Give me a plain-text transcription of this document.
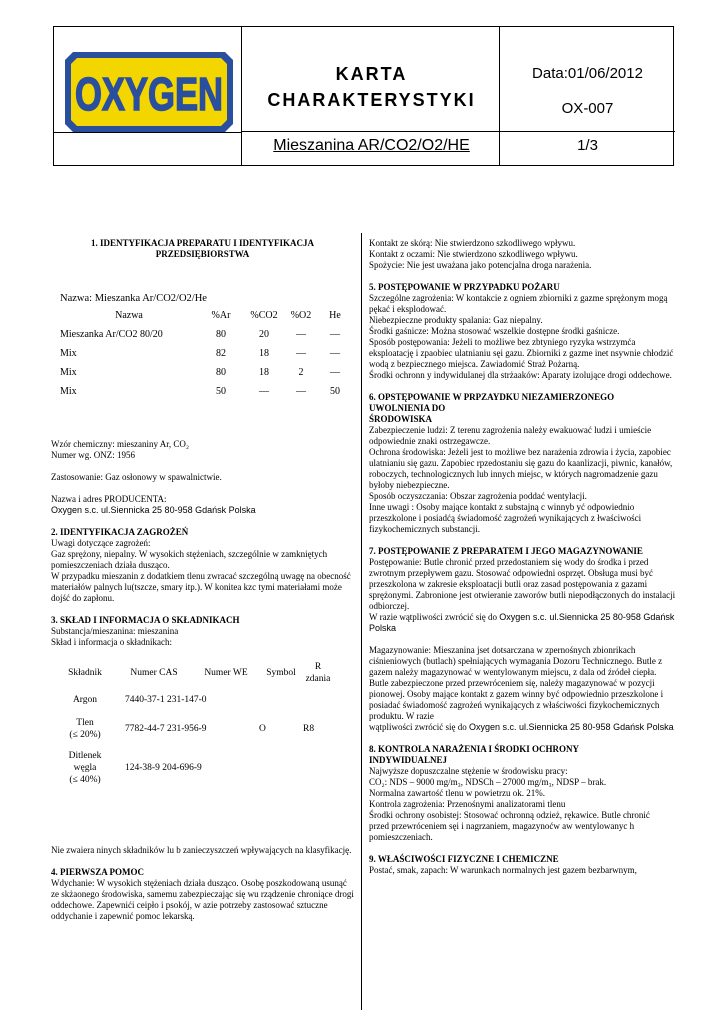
OXYGEN	KARTA
CHARAKTERYSTYKI
Data:01/06/2012
OX-007
Mieszanina AR/CO2/O2/HE	1/3

1. IDENTYFIKACJA PREPARATU I IDENTYFIKACJA PRZEDSIĘBIORSTWA

Nazwa: Mieszanka Ar/CO2/O2/He
Nazwa	%Ar	%CO2	%O2	He
Mieszanka Ar/CO2 80/20	80	20	—	—
Mix	82	18	—	—
Mix	80	18	2	—
Mix	50	—	—	50

Wzór chemiczny: mieszaniny Ar, CO₂

Numer wg. ONZ: 1956

Zastosowanie: Gaz osłonowy w spawalnictwie.

Nazwa i adres PRODUCENTA:

Oxygen s.c. ul.Siennicka 25 80-958 Gdańsk Polska

2. IDENTYFIKACJA ZAGROŻEŃ

Uwagi dotyczące zagrożeń:

Gaz sprężony, niepalny. W wysokich stężeniach, szczególnie w zamkniętych pomieszczeniach działa dusząco.

W przypadku mieszanin z dodatkiem tlenu zwracać szczególną uwagę na obecność materiałów palnych lu(tszcze, smary itp.). W konitea kzc tymi materiałami może dojść do zapłonu.

3. SKŁAD I INFORMACJA O SKŁADNIKACH

Substancja/mieszanina: mieszanina

Skład i informacja o składnikach:

Składnik	Numer CAS	Numer WE	Symbol	R
zdania

Argon	7440-37-1 231-147-0			

Tlen
(≤ 20%)	7782-44-7 231-956-9		O	R8

Ditlenek
węgla
(≤ 40%)	124-38-9 204-696-9			

Nie zwaiera ninych składników lu b zanieczyszczeń wpływających na klasyfikację.

4. PIERWSZA POMOC

Wdychanie: W wysokich stężeniach działa dusząco. Osobę poszkodowaną usunąć ze skżaonego środowiska, samemu zabezpieczając się wu rządzenie chroniące drogi oddechowe. Zapewnići ceipło i psokój, w azie potrzeby zastosować sztuczne oddychanie i zapewnić pomoc lekarską.

Kontakt ze skórą: Nie stwierdzono szkodliwego wpływu.

Kontakt z oczami: Nie stwierdzono szkodliwego wpływu.

Spożycie: Nie jest uważana jako potencjalna droga narażenia.

5. POSTĘPOWANIE W PRZYPADKU POŻARU

Szczególne zagrożenia: W kontakcie z ogniem zbiorniki z gazme sprężonym mogą pękać i eksplodować.

Niebezpieczne produkty spalania: Gaz niepalny.

Środki gaśnicze: Można stosować wszelkie dostępne środki gaśnicze.

Sposób postępowania: Jeżeli to możliwe bez zbtyniego ryzyka wstrzymća eksploatację i zpaobiec ulatnianiu sęi gazu. Zbiorniki z gazme inet nsywnie chłodzić wodą z bezpiecznego miejsca. Zawiadomić Straż Pożarną.

Środki ochronn y indywidulanej dla strżaaków: Aparaty izolujące drogi oddechowe.

6. OPSTĘPOWANIE W PRPZAYDKU NIEZAMIERZONEGO

UWOLNIENIA DO

ŚRODOWISKA

Zabezpieczenie ludzi: Z terenu zagrożenia należy ewakuować ludzi i umieście

odpowiednie znaki ostrzegawcze.

Ochrona środowiska: Jeżeli jest to możliwe bez narażenia zdrowia i życia, zapobiec ulatnianiu się gazu. Zapobiec rpzedostaniu się gazu do kaanlizacji, piwnic, kanałów, roboczych, technologicznych lub innych miejsc, w których nagromadzenie gazu byłoby niebezpieczne.

Sposób oczyszczania: Obszar zagrożenia poddać wentylacji.

Inne uwagi : Osoby mające kontakt z substajną c winnyb yć odpowiednio przeszkolone i posiadćą świadomość zagrożeń wynikających z łwaściwości fizykochemicznych substancji.

7. POSTĘPOWANIE Z PREPARATEM I JEGO MAGAZYNOWANIE

Postępowanie: Butle chronić przed przedostaniem się wody do środka i przed zwrotnym przepływem gazu. Stosować odpowiedni osprzęt. Obsługa musi być

przeszkolona w zakresie eksploatacji butli oraz zasad postępowania z gazami sprężonymi. Zabronione jest otwieranie zaworów butli niepodłączonych do instalacji odbiorczej.

W razie wątpliwości zwrócić się do Oxygen s.c. ul.Siennicka 25 80-958 Gdańsk Polska

Magazynowanie: Mieszanina jset dotsarczana w zpernośnych zbionrikach ciśnieniowych (butlach) spełniających wymagania Dozoru Technicznego. Butle z gazem należy magazynować w wentylowanym miejscu, z dala od źródeł ciepła. Butle zabezpieczone przed przewróceniem się, należy magazynować w pozycji pionowej. Osoby mające kontakt z gazem winny być odpowiednio przeszkolone i posiadać świadomość zagrożeń wynikających z właściwości fizykochemicznych produktu. W razie

wątpliwości zwrócić się do Oxygen s.c. ul.Siennicka 25 80-958 Gdańsk Polska

8. KONTROLA NARAŻENIA I ŚRODKI OCHRONY

INDYWIDUALNEJ

Najwyższe dopuszczalne stężenie w środowisku pracy:

CO₂: NDS – 9000 mg/m₃, NDSCh – 27000 mg/m₃, NDSP – brak.

Normalna zawartość tlenu w powietrzu ok. 21%.

Kontrola zagrożenia: Przenośnymi analizatorami tlenu

Środki ochrony osobistej: Stosować ochronną odzież, rękawice. Butle chronić

przed przewróceniem sęi i nagrzaniem, magazynoćw aw wentylowanyc h pomieszczeniach.

9. WŁAŚCIWOŚCI FIZYCZNE I CHEMICZNE

Postać, smak, zapach: W warunkach normalnych jest gazem bezbarwnym,
